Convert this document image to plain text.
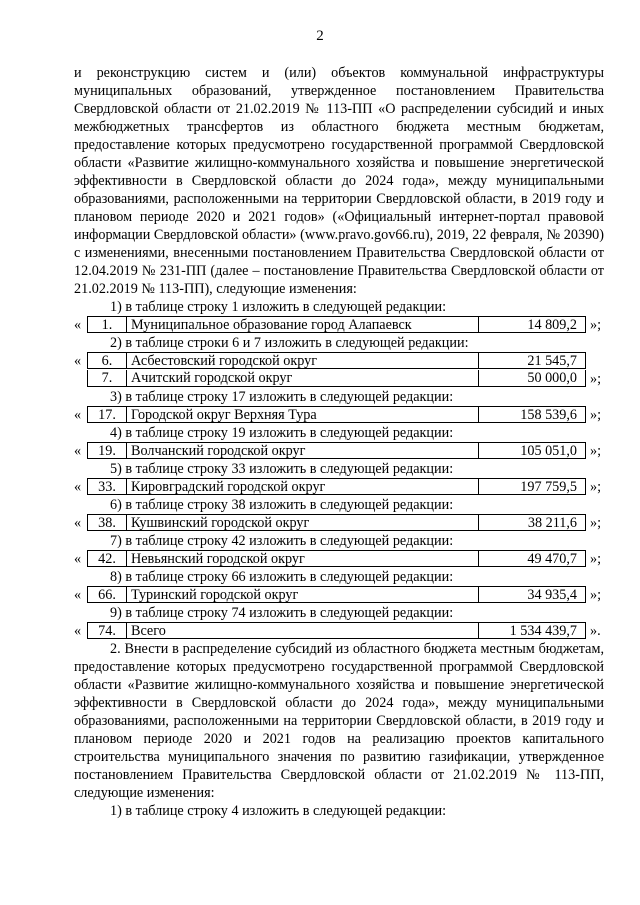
2

и реконструкцию систем и (или) объектов коммунальной инфраструктуры муниципальных образований, утвержденное постановлением Правительства Свердловской области от 21.02.2019 № 113-ПП «О распределении субсидий и иных межбюджетных трансфертов из областного бюджета местным бюджетам, предоставление которых предусмотрено государственной программой Свердловской области «Развитие жилищно-коммунального хозяйства и повышение энергетической эффективности в Свердловской области до 2024 года», между муниципальными образованиями, расположенными на территории Свердловской области, в 2019 году и плановом периоде 2020 и 2021 годов» («Официальный интернет-портал правовой информации Свердловской области» (www.pravo.gov66.ru), 2019, 22 февраля, № 20390) с изменениями, внесенными постановлением Правительства Свердловской области от 12.04.2019 № 231-ПП (далее – постановление Правительства Свердловской области от 21.02.2019 № 113-ПП), следующие изменения:

1) в таблице строку 1 изложить в следующей редакции:

«	1.	Муниципальное образование город Алапаевск	14 809,2 »;

2) в таблице строки 6 и 7 изложить в следующей редакции:

«	6.	Асбестовский городской округ	21 545,7
7.	Ачитский городской округ	50 000,0 »;

3) в таблице строку 17 изложить в следующей редакции:

«	17.	Городской округ Верхняя Тура	158 539,6 »;

4) в таблице строку 19 изложить в следующей редакции:

«	19.	Волчанский городской округ	105 051,0 »;

5) в таблице строку 33 изложить в следующей редакции:

«	33.	Кировградский городской округ	197 759,5 »;

6) в таблице строку 38 изложить в следующей редакции:

«	38.	Кушвинский городской округ	38 211,6 »;

7) в таблице строку 42 изложить в следующей редакции:

«	42.	Невьянский городской округ	49 470,7 »;

8) в таблице строку 66 изложить в следующей редакции:

«	66.	Туринский городской округ	34 935,4 »;

9) в таблице строку 74 изложить в следующей редакции:

«	74.	Всего	1 534 439,7 ».

2. Внести в распределение субсидий из областного бюджета местным бюджетам, предоставление которых предусмотрено государственной программой Свердловской области «Развитие жилищно-коммунального хозяйства и повышение энергетической эффективности в Свердловской области до 2024 года», между муниципальными образованиями, расположенными на территории Свердловской области, в 2019 году и плановом периоде 2020 и 2021 годов на реализацию проектов капитального строительства муниципального значения по развитию газификации, утвержденное постановлением Правительства Свердловской области от 21.02.2019 № 113-ПП, следующие изменения:

1) в таблице строку 4 изложить в следующей редакции:
